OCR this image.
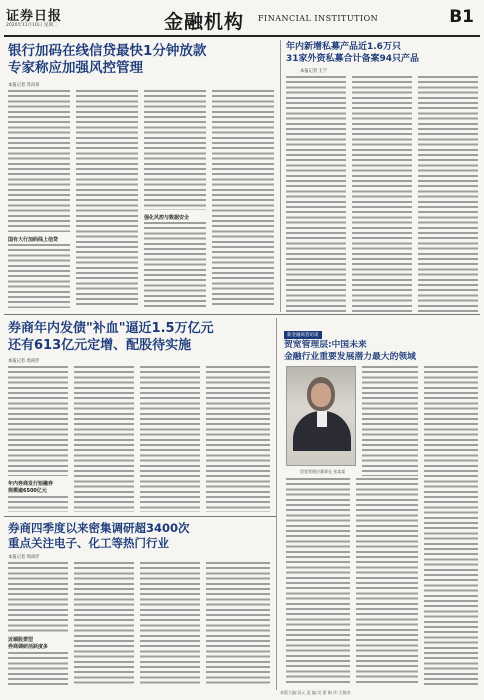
证券日报
2020年11月10日 星期二	金融机构 FINANCIAL INSTITUTION	B1
银行加码在线信贷最快1分钟放款
专家称应加强风控管理
本报记者 苏向杲
国有大行加码线上信贷
强化风控与数据安全
年内新增私募产品近1.6万只
31家外资私募合计备案94只产品
本报记者 王宁
券商年内发债"补血"逼近1.5万亿元
还有613亿元定增、配股待实施
本报记者 周尚伃
年内券商发行短融券
规模逾6500亿元
新金融高管访谈
贺宽管理层:中国未来
金融行业重要发展潜力最大的领域
贺宽管理层董事长 张某某
券商四季度以来密集调研超3400次
重点关注电子、化工等热门行业
本报记者 周尚伃
近端股票型
券商调研活跃度多
本版主编:袁元 责 编:吴 澍 制 作:王敬涛
